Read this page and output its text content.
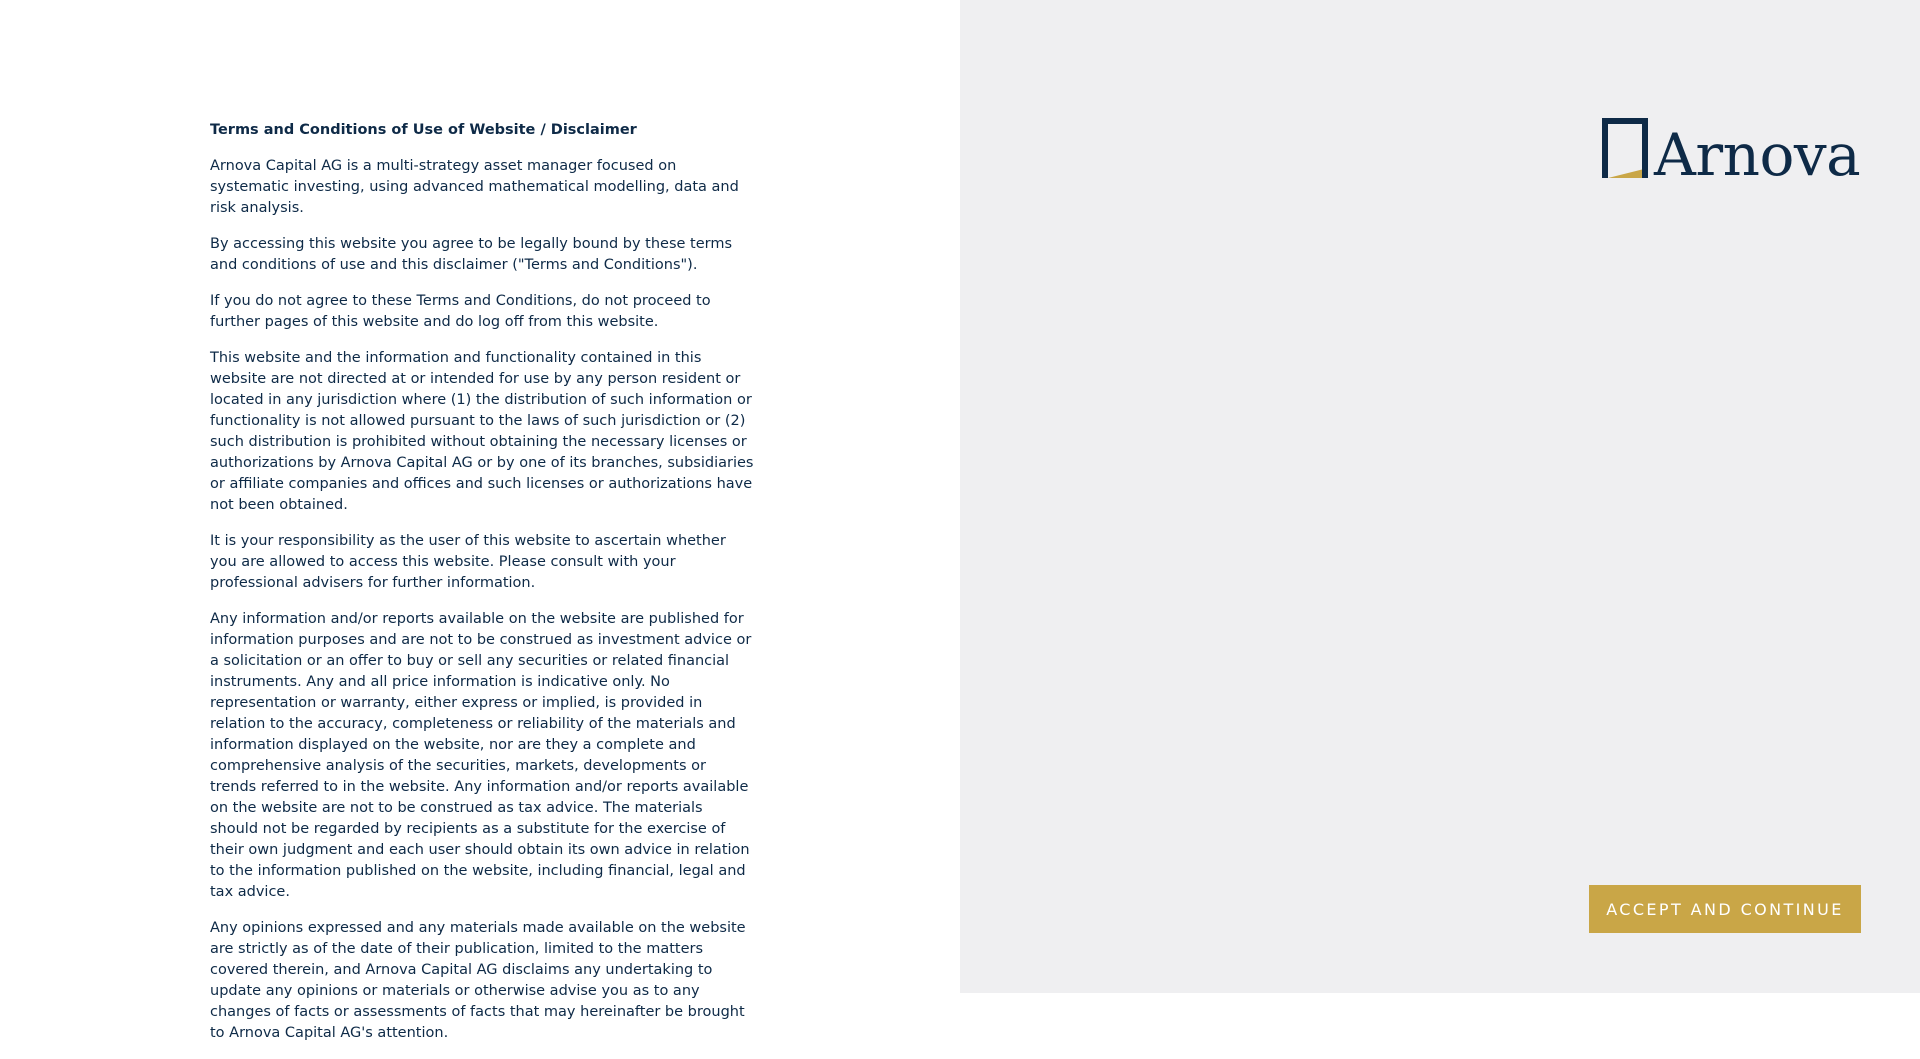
Terms and Conditions of Use of Website / Disclaimer

Arnova Capital AG is a multi-strategy asset manager focused on systematic investing, using advanced mathematical modelling, data and risk analysis.

By accessing this website you agree to be legally bound by these terms and conditions of use and this disclaimer ("Terms and Conditions").

If you do not agree to these Terms and Conditions, do not proceed to further pages of this website and do log off from this website.

This website and the information and functionality contained in this website are not directed at or intended for use by any person resident or located in any jurisdiction where (1) the distribution of such information or functionality is not allowed pursuant to the laws of such jurisdiction or (2) such distribution is prohibited without obtaining the necessary licenses or authorizations by Arnova Capital AG or by one of its branches, subsidiaries or affiliate companies and offices and such licenses or authorizations have not been obtained.

It is your responsibility as the user of this website to ascertain whether you are allowed to access this website. Please consult with your professional advisers for further information.

Any information and/or reports available on the website are published for information purposes and are not to be construed as investment advice or a solicitation or an offer to buy or sell any securities or related financial instruments. Any and all price information is indicative only. No representation or warranty, either express or implied, is provided in relation to the accuracy, completeness or reliability of the materials and information displayed on the website, nor are they a complete and comprehensive analysis of the securities, markets, developments or trends referred to in the website. Any information and/or reports available on the website are not to be construed as tax advice. The materials should not be regarded by recipients as a substitute for the exercise of their own judgment and each user should obtain its own advice in relation to the information published on the website, including financial, legal and tax advice.

Any opinions expressed and any materials made available on the website are strictly as of the date of their publication, limited to the matters covered therein, and Arnova Capital AG disclaims any undertaking to update any opinions or materials or otherwise advise you as to any changes of facts or assessments of facts that may hereinafter be brought to Arnova Capital AG's attention.

Arnova
ACCEPT AND CONTINUE
